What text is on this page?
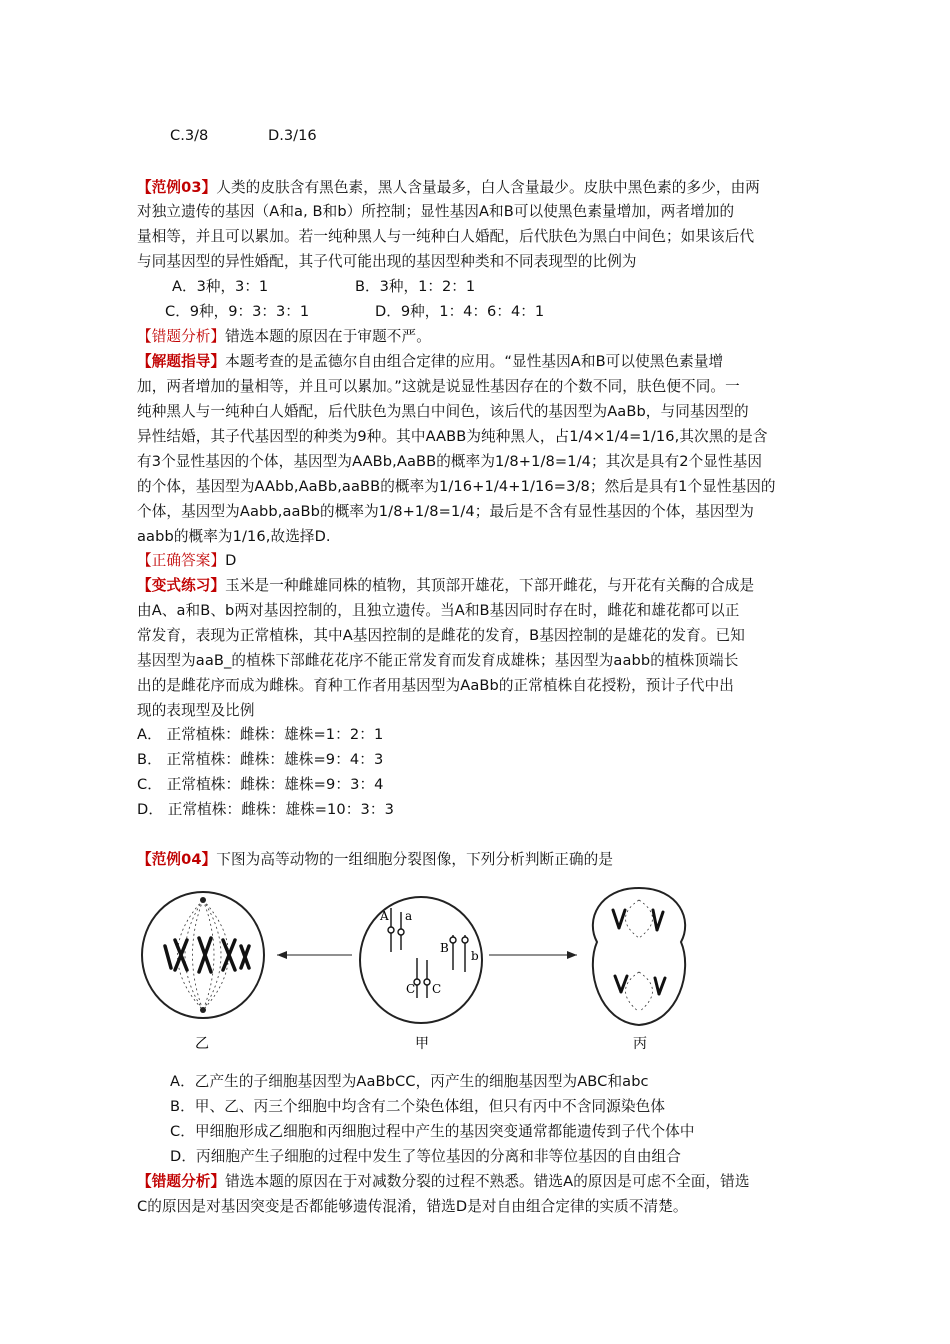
C.3/8	D.3/16
【范例03】人类的皮肤含有黑色素，黑人含量最多，白人含量最少。皮肤中黑色素的多少，由两
对独立遗传的基因（A和a, B和b）所控制；显性基因A和B可以使黑色素量增加，两者增加的
量相等，并且可以累加。若一纯种黑人与一纯种白人婚配，后代肤色为黑白中间色；如果该后代
与同基因型的异性婚配，其子代可能出现的基因型种类和不同表现型的比例为
A．3种，3：1	B．3种，1：2：1
C．9种，9：3：3：1	D．9种，1：4：6：4：1
【错题分析】错选本题的原因在于审题不严。
【解题指导】本题考查的是孟德尔自由组合定律的应用。“显性基因A和B可以使黑色素量增
加，两者增加的量相等，并且可以累加。”这就是说显性基因存在的个数不同，肤色便不同。一
纯种黑人与一纯种白人婚配，后代肤色为黑白中间色，该后代的基因型为AaBb，与同基因型的
异性结婚，其子代基因型的种类为9种。其中AABB为纯种黑人，占1/4×1/4=1/16,其次黑的是含
有3个显性基因的个体，基因型为AABb,AaBB的概率为1/8+1/8=1/4；其次是具有2个显性基因
的个体，基因型为AAbb,AaBb,aaBB的概率为1/16+1/4+1/16=3/8；然后是具有1个显性基因的
个体，基因型为Aabb,aaBb的概率为1/8+1/8=1/4；最后是不含有显性基因的个体，基因型为
aabb的概率为1/16,故选择D.
【正确答案】D
【变式练习】玉米是一种雌雄同株的植物，其顶部开雄花，下部开雌花，与开花有关酶的合成是
由A、a和B、b两对基因控制的，且独立遗传。当A和B基因同时存在时，雌花和雄花都可以正
常发育，表现为正常植株，其中A基因控制的是雌花的发育，B基因控制的是雄花的发育。已知
基因型为aaB_的植株下部雌花花序不能正常发育而发育成雄株；基因型为aabb的植株顶端长
出的是雌花序而成为雌株。育种工作者用基因型为AaBb的正常植株自花授粉，预计子代中出
现的表现型及比例
A． 正常植株：雌株：雄株=1：2：1
B． 正常植株：雌株：雄株=9：4：3
C． 正常植株：雌株：雄株=9：3：4
D． 正常植株：雌株：雄株=10：3：3
【范例04】下图为高等动物的一组细胞分裂图像，下列分析判断正确的是
A a
B
b
C C
乙	甲	丙
A．乙产生的子细胞基因型为AaBbCC，丙产生的细胞基因型为ABC和abc
B．甲、乙、丙三个细胞中均含有二个染色体组，但只有丙中不含同源染色体
C．甲细胞形成乙细胞和丙细胞过程中产生的基因突变通常都能遗传到子代个体中
D．丙细胞产生子细胞的过程中发生了等位基因的分离和非等位基因的自由组合
【错题分析】错选本题的原因在于对减数分裂的过程不熟悉。错选A的原因是可虑不全面，错选
C的原因是对基因突变是否都能够遗传混淆，错选D是对自由组合定律的实质不清楚。
